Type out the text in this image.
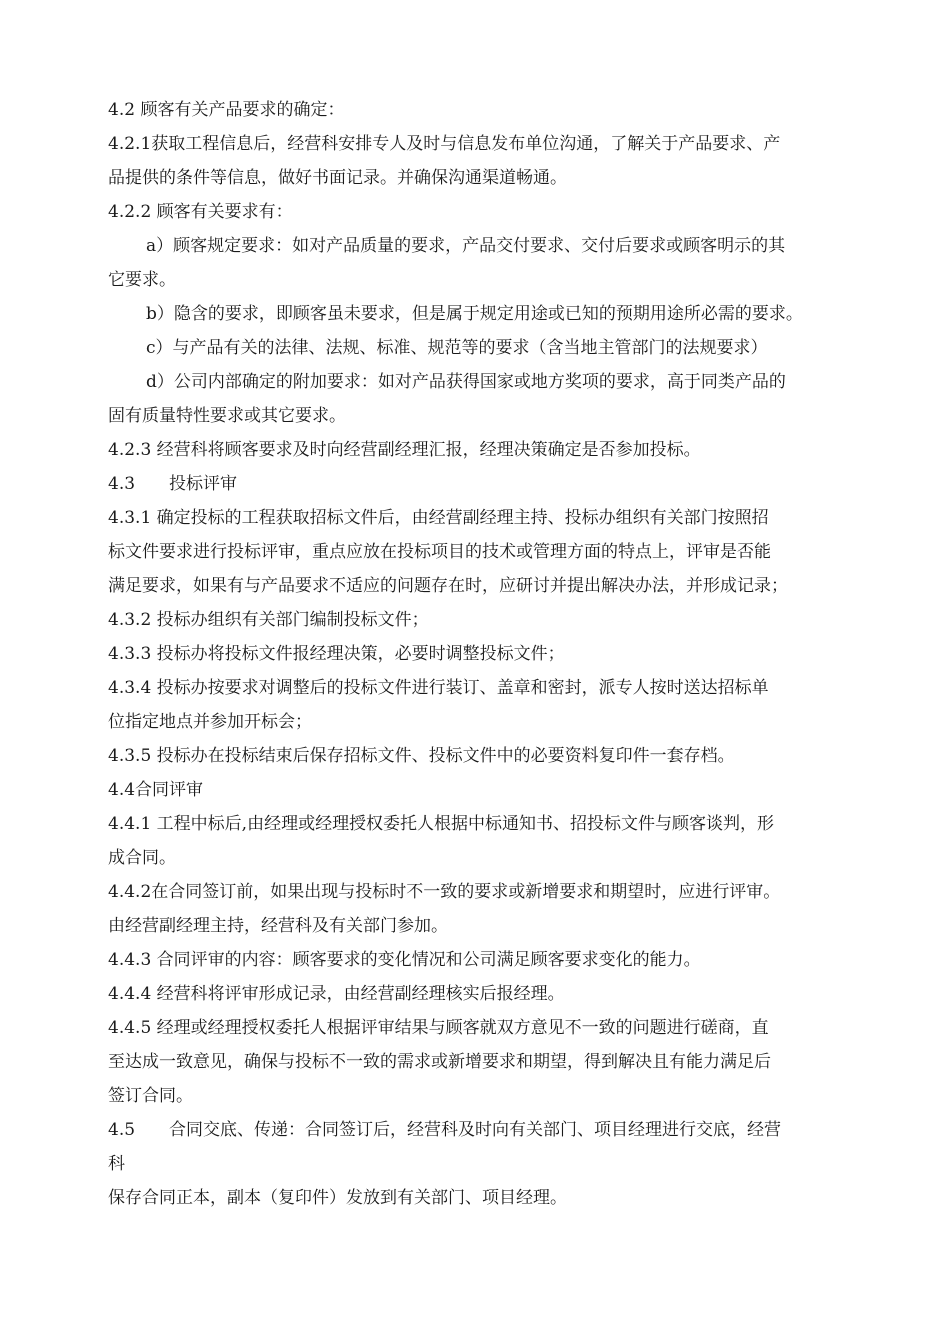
4.2 顾客有关产品要求的确定：
4.2.1获取工程信息后，经营科安排专人及时与信息发布单位沟通，了解关于产品要求、产
品提供的条件等信息，做好书面记录。并确保沟通渠道畅通。
4.2.2 顾客有关要求有：
a）顾客规定要求：如对产品质量的要求，产品交付要求、交付后要求或顾客明示的其
它要求。
b）隐含的要求，即顾客虽未要求，但是属于规定用途或已知的预期用途所必需的要求。
c）与产品有关的法律、法规、标准、规范等的要求（含当地主管部门的法规要求）
d）公司内部确定的附加要求：如对产品获得国家或地方奖项的要求，高于同类产品的
固有质量特性要求或其它要求。
4.2.3 经营科将顾客要求及时向经营副经理汇报，经理决策确定是否参加投标。
4.3　　投标评审
4.3.1 确定投标的工程获取招标文件后，由经营副经理主持、投标办组织有关部门按照招
标文件要求进行投标评审，重点应放在投标项目的技术或管理方面的特点上，评审是否能
满足要求，如果有与产品要求不适应的问题存在时，应研讨并提出解决办法，并形成记录；
4.3.2 投标办组织有关部门编制投标文件；
4.3.3 投标办将投标文件报经理决策，必要时调整投标文件；
4.3.4 投标办按要求对调整后的投标文件进行装订、盖章和密封，派专人按时送达招标单
位指定地点并参加开标会；
4.3.5 投标办在投标结束后保存招标文件、投标文件中的必要资料复印件一套存档。
4.4合同评审
4.4.1 工程中标后,由经理或经理授权委托人根据中标通知书、招投标文件与顾客谈判，形
成合同。
4.4.2在合同签订前，如果出现与投标时不一致的要求或新增要求和期望时，应进行评审。
由经营副经理主持，经营科及有关部门参加。
4.4.3 合同评审的内容：顾客要求的变化情况和公司满足顾客要求变化的能力。
4.4.4 经营科将评审形成记录，由经营副经理核实后报经理。
4.4.5 经理或经理授权委托人根据评审结果与顾客就双方意见不一致的问题进行磋商，直
至达成一致意见，确保与投标不一致的需求或新增要求和期望，得到解决且有能力满足后
签订合同。
4.5　　合同交底、传递：合同签订后，经营科及时向有关部门、项目经理进行交底，经营
科
保存合同正本，副本（复印件）发放到有关部门、项目经理。
